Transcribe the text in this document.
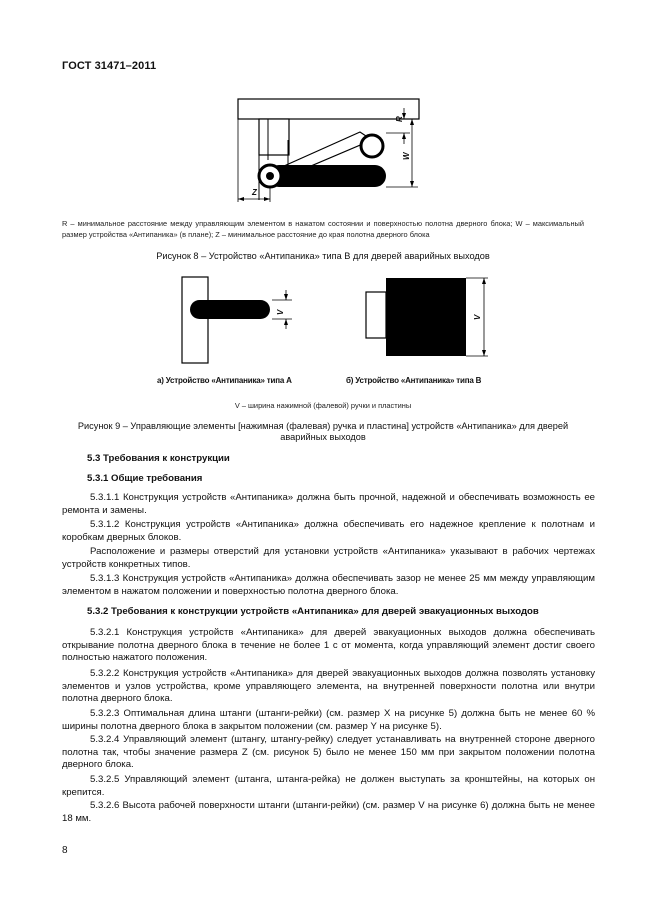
ГОСТ 31471–2011
R
W
Z
V
V
R – минимальное расстояние между управляющим элементом в нажатом состоянии и поверхностью полотна дверного блока; W – максимальный размер устройства «Антипаника» (в плане); Z – минимальное расстояние до края полотна дверного блока
Рисунок 8 – Устройство «Антипаника» типа B для дверей аварийных выходов
а) Устройство «Антипаника» типа A	б) Устройство «Антипаника» типа B
V – ширина нажимной (фалевой) ручки и пластины
Рисунок 9 – Управляющие элементы [нажимная (фалевая) ручка и пластина] устройств «Антипаника» для дверей аварийных выходов
5.3 Требования к конструкции
5.3.1 Общие требования
5.3.1.1 Конструкция устройств «Антипаника» должна быть прочной, надежной и обеспечивать возможность ее ремонта и замены.
5.3.1.2 Конструкция устройств «Антипаника» должна обеспечивать его надежное крепление к полотнам и коробкам дверных блоков.
Расположение и размеры отверстий для установки устройств «Антипаника» указывают в рабочих чертежах устройств конкретных типов.
5.3.1.3 Конструкция устройств «Антипаника» должна обеспечивать зазор не менее 25 мм между управляющим элементом в нажатом положении и поверхностью полотна дверного блока.
5.3.2 Требования к конструкции устройств «Антипаника» для дверей эвакуационных выходов
5.3.2.1 Конструкция устройств «Антипаника» для дверей эвакуационных выходов должна обеспечивать открывание полотна дверного блока в течение не более 1 с от момента, когда управляющий элемент достиг своего полностью нажатого положения.
5.3.2.2 Конструкция устройств «Антипаника» для дверей эвакуационных выходов должна позволять установку элементов и узлов устройства, кроме управляющего элемента, на внутренней поверхности полотна или внутри полотна дверного блока.
5.3.2.3 Оптимальная длина штанги (штанги-рейки) (см. размер X на рисунке 5) должна быть не менее 60 % ширины полотна дверного блока в закрытом положении (см. размер Y на рисунке 5).
5.3.2.4 Управляющий элемент (штангу, штангу-рейку) следует устанавливать на внутренней стороне дверного полотна так, чтобы значение размера Z (см. рисунок 5) было не менее 150 мм при закрытом положении полотна дверного блока.
5.3.2.5 Управляющий элемент (штанга, штанга-рейка) не должен выступать за кронштейны, на которых он крепится.
5.3.2.6 Высота рабочей поверхности штанги (штанги-рейки) (см. размер V на рисунке 6) должна быть не менее 18 мм.
8
